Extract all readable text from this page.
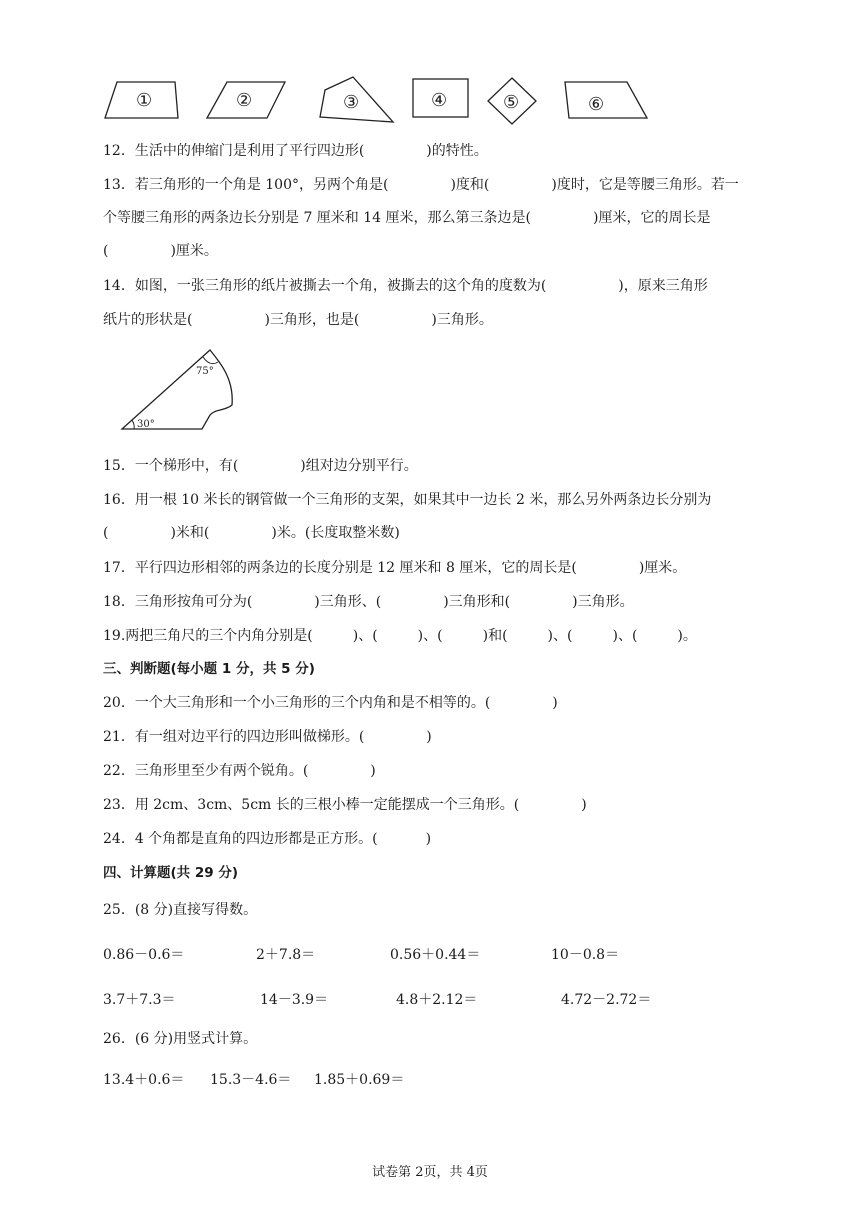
①	②	③	④	⑤	⑥
12．生活中的伸缩门是利用了平行四边形(	)的特性。
13．若三角形的一个角是 100°，另两个角是(	)度和(	)度时，它是等腰三角形。若一
个等腰三角形的两条边长分别是 7 厘米和 14 厘米，那么第三条边是(	)厘米，它的周长是
(	)厘米。
14．如图，一张三角形的纸片被撕去一个角，被撕去的这个角的度数为(	)，原来三角形
纸片的形状是(	)三角形，也是(	)三角形。
75°
30°
15．一个梯形中，有(	)组对边分别平行。
16．用一根 10 米长的钢管做一个三角形的支架，如果其中一边长 2 米，那么另外两条边长分别为
(	)米和(	)米。(长度取整米数)
17．平行四边形相邻的两条边的长度分别是 12 厘米和 8 厘米，它的周长是(	)厘米。
18．三角形按角可分为(	)三角形、(	)三角形和(	)三角形。
19.两把三角尺的三个内角分别是(	)、(	)、(	)和(	)、(	)、(	)。
三、判断题(每小题 1 分，共 5 分)
20．一个大三角形和一个小三角形的三个内角和是不相等的。(	)
21．有一组对边平行的四边形叫做梯形。(	)
22．三角形里至少有两个锐角。(	)
23．用 2cm、3cm、5cm 长的三根小棒一定能摆成一个三角形。(	)
24．4 个角都是直角的四边形都是正方形。(	)
四、计算题(共 29 分)
25．(8 分)直接写得数。
0.86－0.6＝	2＋7.8＝	0.56＋0.44＝	10－0.8＝
3.7＋7.3＝	14－3.9＝	4.8＋2.12＝	4.72－2.72＝
26．(6 分)用竖式计算。
13.4＋0.6＝ 15.3－4.6＝ 1.85＋0.69＝
试卷第 2页，共 4页
